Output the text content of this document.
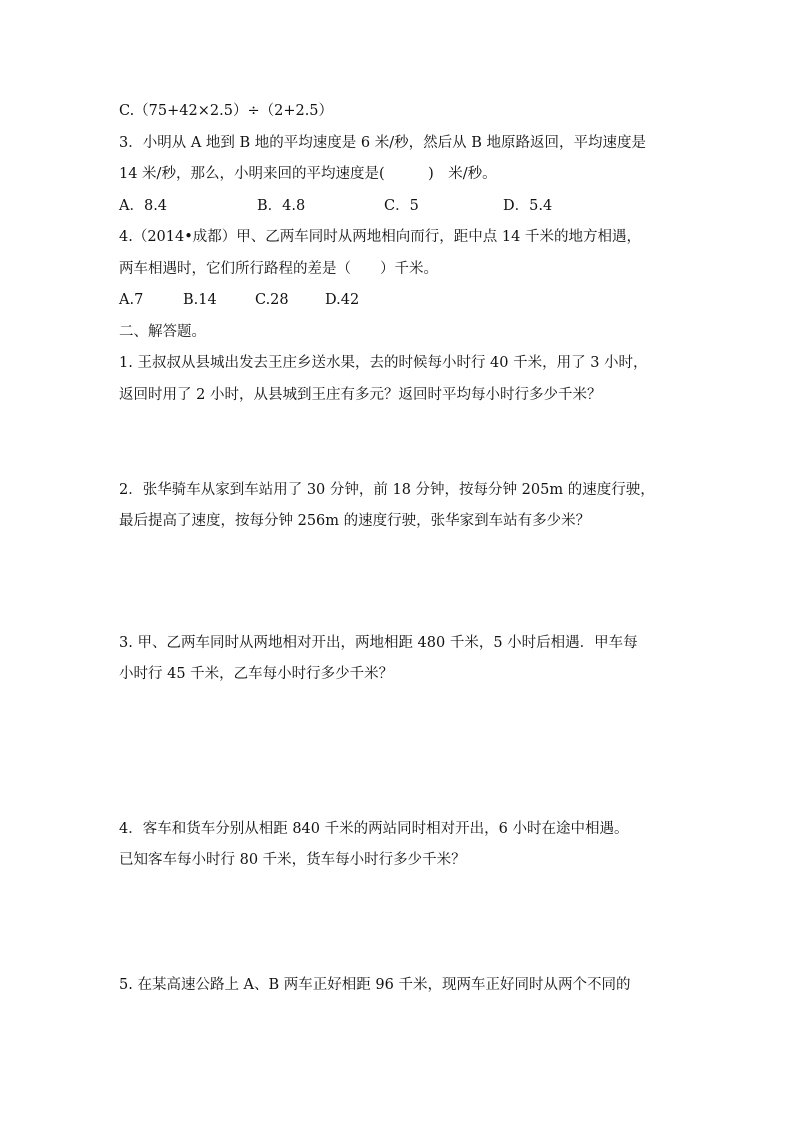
C.（75+42×2.5）÷（2+2.5）
3．小明从 A 地到 B 地的平均速度是 6 米/秒，然后从 B 地原路返回，平均速度是
14 米/秒，那么，小明来回的平均速度是(　　　)　米/秒。
A．8.4	B．4.8	C．5	D．5.4
4.（2014•成都）甲、乙两车同时从两地相向而行，距中点 14 千米的地方相遇，
两车相遇时，它们所行路程的差是（　　）千米。
A.7	B.14	C.28	D.42
二、解答题。
1. 王叔叔从县城出发去王庄乡送水果，去的时候每小时行 40 千米，用了 3 小时，
返回时用了 2 小时，从县城到王庄有多元？返回时平均每小时行多少千米？
2．张华骑车从家到车站用了 30 分钟，前 18 分钟，按每分钟 205m 的速度行驶，
最后提高了速度，按每分钟 256m 的速度行驶，张华家到车站有多少米？
3. 甲、乙两车同时从两地相对开出，两地相距 480 千米，5 小时后相遇．甲车每
小时行 45 千米，乙车每小时行多少千米？
4．客车和货车分别从相距 840 千米的两站同时相对开出，6 小时在途中相遇。
已知客车每小时行 80 千米，货车每小时行多少千米？
5. 在某高速公路上 A、B 两车正好相距 96 千米，现两车正好同时从两个不同的
